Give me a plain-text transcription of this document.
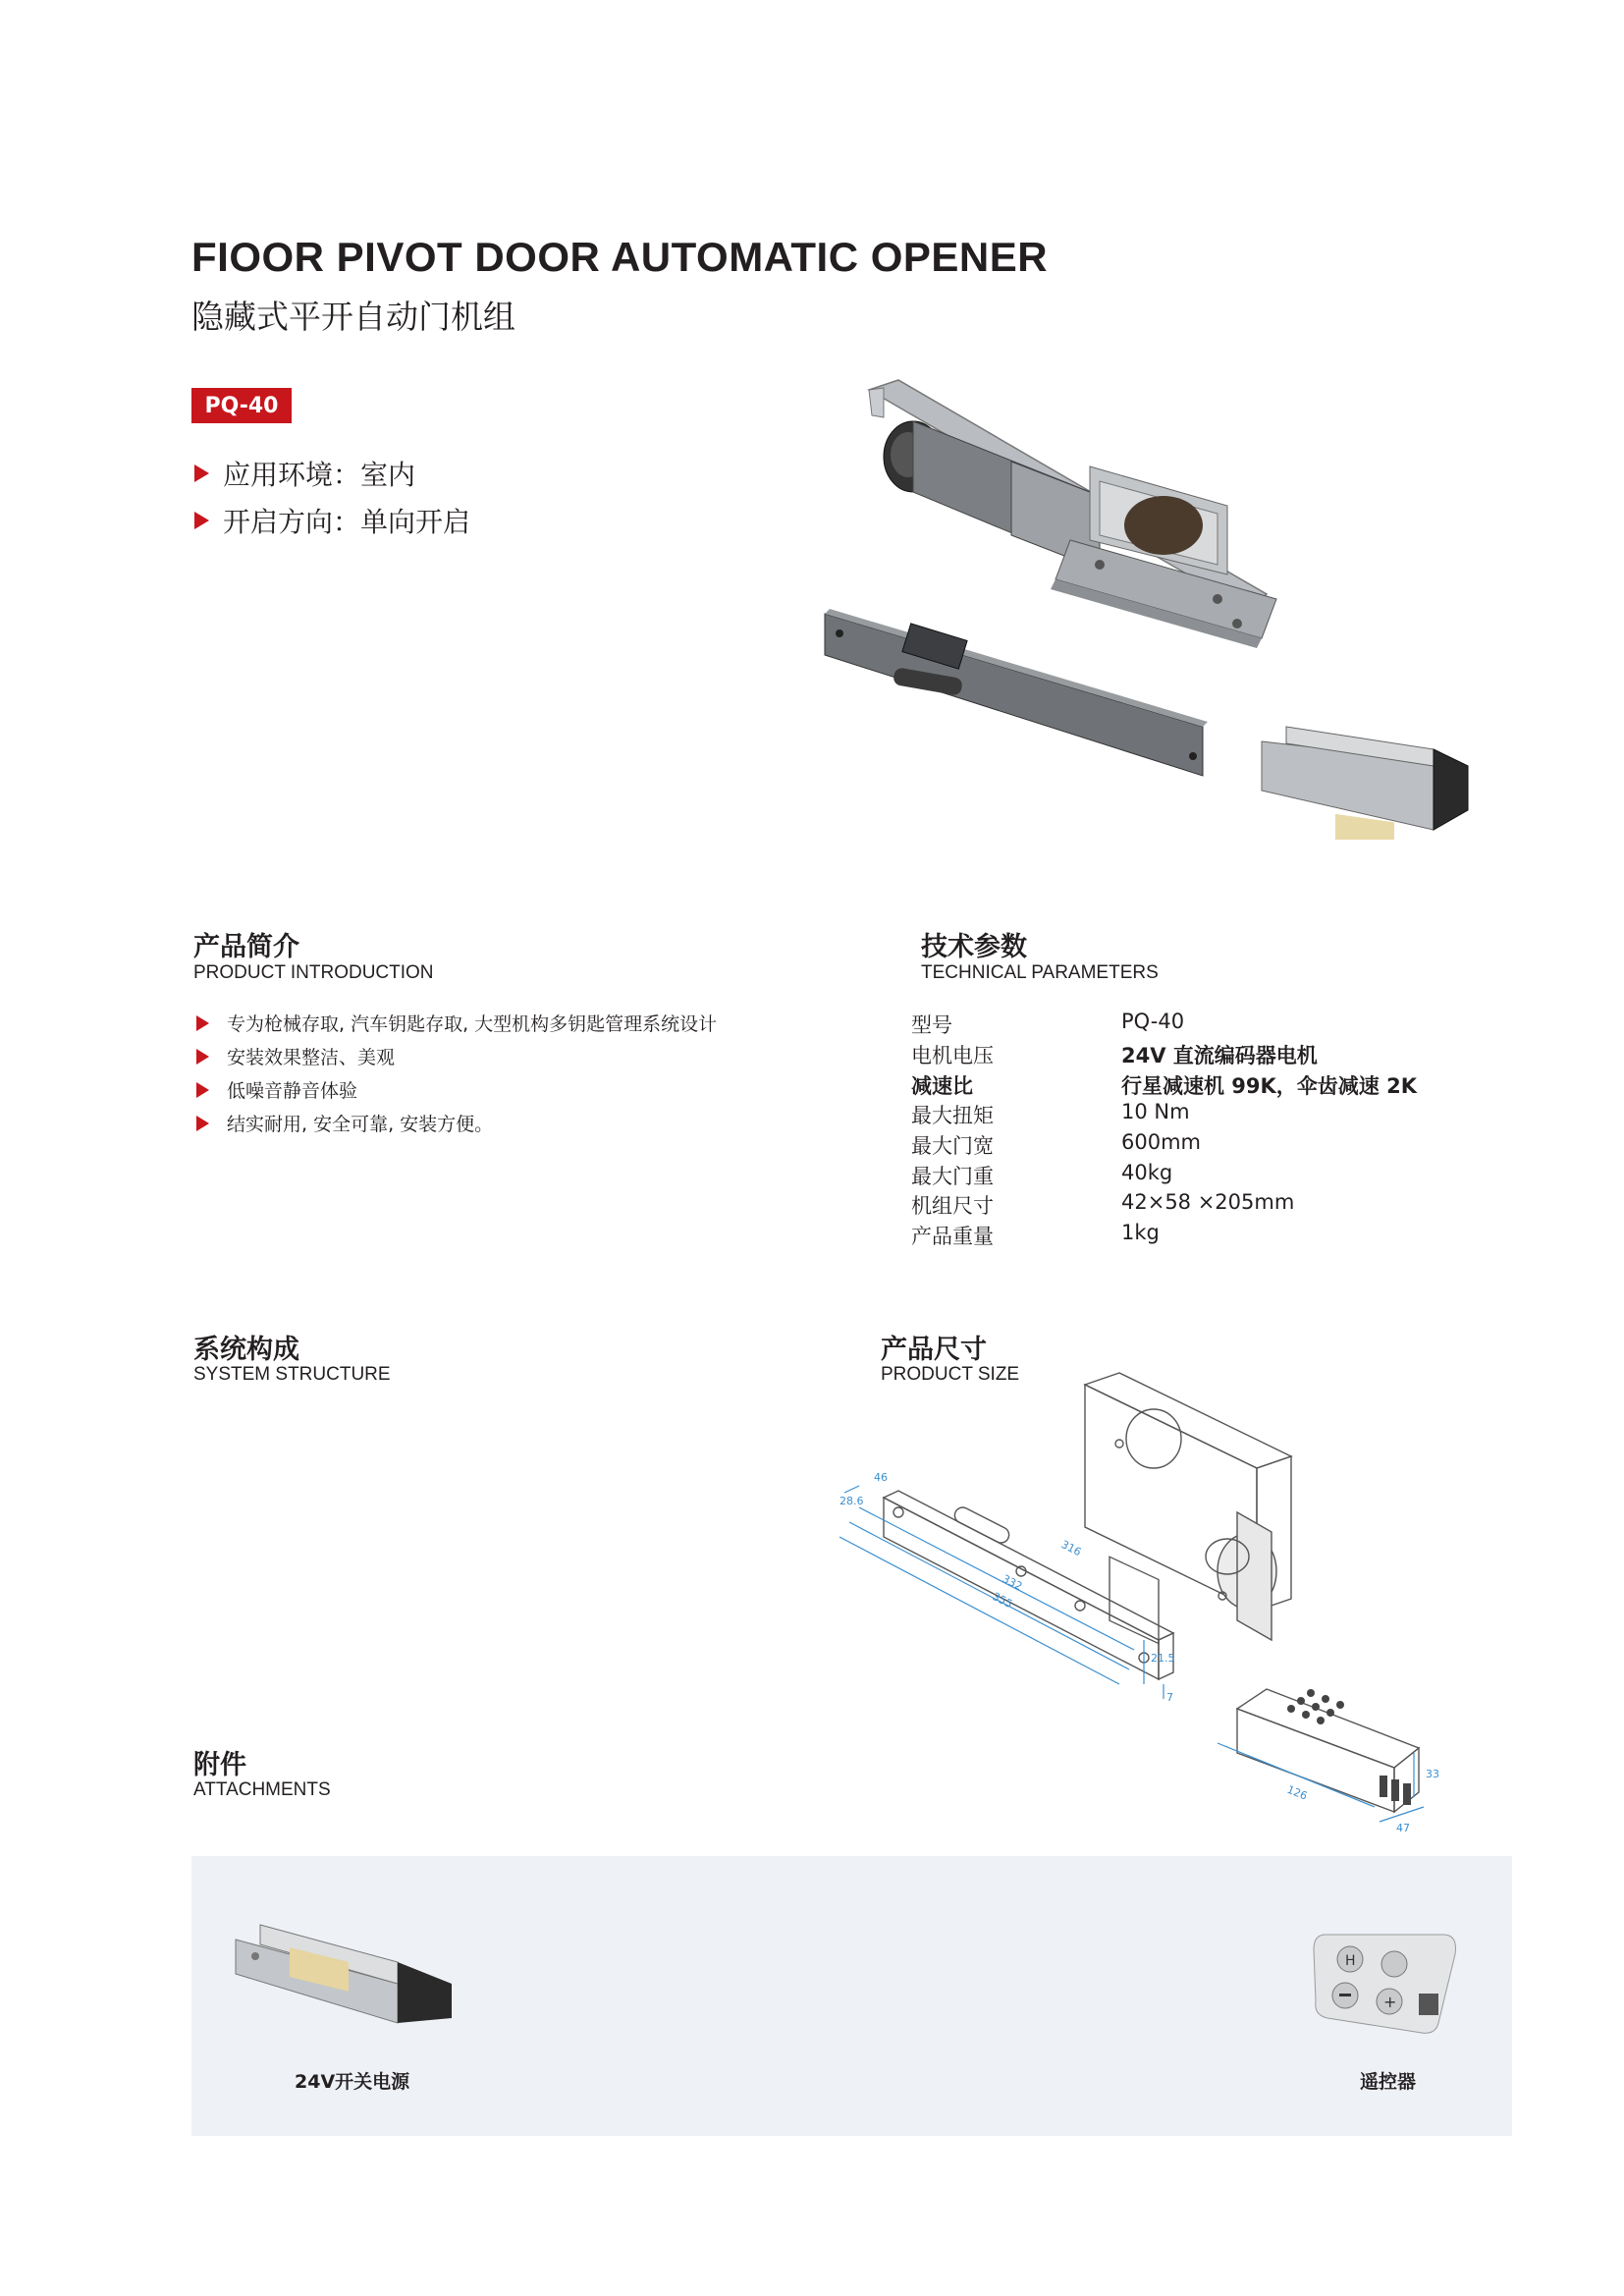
FIOOR PIVOT DOOR AUTOMATIC OPENER
隐藏式平开自动门机组
PQ-40
应用环境：室内
开启方向：单向开启
产品简介
PRODUCT INTRODUCTION
专为枪械存取, 汽车钥匙存取, 大型机构多钥匙管理系统设计
安装效果整洁、美观
低噪音静音体验
结实耐用, 安全可靠, 安装方便。
技术参数
TECHNICAL PARAMETERS
型号	PQ-40
电机电压	24V 直流编码器电机
减速比	行星减速机 99K，伞齿减速 2K
最大扭矩	10 Nm
最大门宽	600mm
最大门重	40kg
机组尺寸	42×58 ×205mm
产品重量	1kg
系统构成
SYSTEM STRUCTURE
产品尺寸
PRODUCT SIZE
46
28.6
316
332
355
21.5
7
126
33
47
附件
ATTACHMENTS
24V开关电源
H
+
遥控器
